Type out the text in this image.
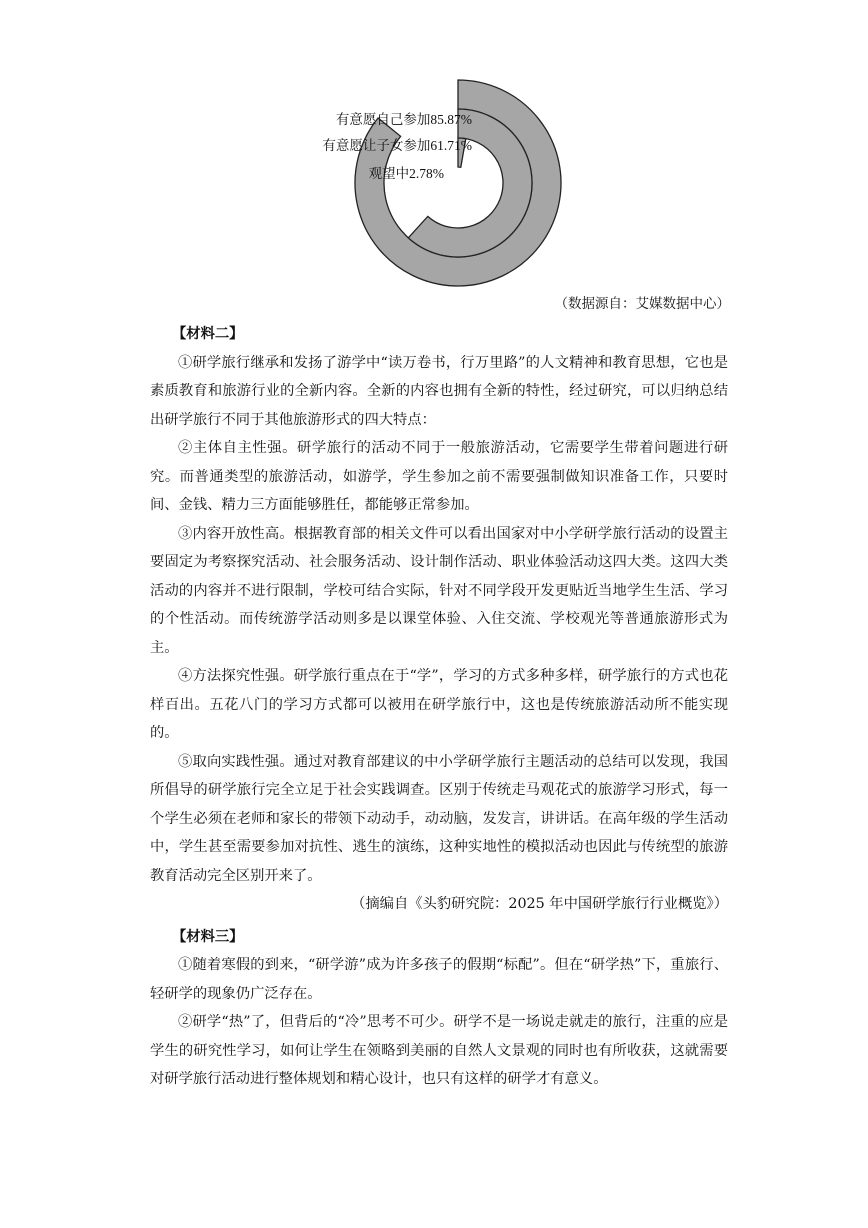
有意愿自己参加85.87%
有意愿让子女参加61.71%
观望中2.78%
（数据源自：艾媒数据中心）
【材料二】

①研学旅行继承和发扬了游学中“读万卷书，行万里路”的人文精神和教育思想，它也是素质教育和旅游行业的全新内容。全新的内容也拥有全新的特性，经过研究，可以归纳总结出研学旅行不同于其他旅游形式的四大特点：

②主体自主性强。研学旅行的活动不同于一般旅游活动，它需要学生带着问题进行研究。而普通类型的旅游活动，如游学，学生参加之前不需要强制做知识准备工作，只要时间、金钱、精力三方面能够胜任，都能够正常参加。

③内容开放性高。根据教育部的相关文件可以看出国家对中小学研学旅行活动的设置主要固定为考察探究活动、社会服务活动、设计制作活动、职业体验活动这四大类。这四大类活动的内容并不进行限制，学校可结合实际，针对不同学段开发更贴近当地学生生活、学习的个性活动。而传统游学活动则多是以课堂体验、入住交流、学校观光等普通旅游形式为主。

④方法探究性强。研学旅行重点在于“学”，学习的方式多种多样，研学旅行的方式也花样百出。五花八门的学习方式都可以被用在研学旅行中，这也是传统旅游活动所不能实现的。

⑤取向实践性强。通过对教育部建议的中小学研学旅行主题活动的总结可以发现，我国所倡导的研学旅行完全立足于社会实践调查。区别于传统走马观花式的旅游学习形式，每一个学生必须在老师和家长的带领下动动手，动动脑，发发言，讲讲话。在高年级的学生活动中，学生甚至需要参加对抗性、逃生的演练，这种实地性的模拟活动也因此与传统型的旅游教育活动完全区别开来了。

（摘编自《头豹研究院：2025 年中国研学旅行行业概览》）

【材料三】

①随着寒假的到来，“研学游”成为许多孩子的假期“标配”。但在“研学热”下，重旅行、轻研学的现象仍广泛存在。

②研学“热”了，但背后的“冷”思考不可少。研学不是一场说走就走的旅行，注重的应是学生的研究性学习，如何让学生在领略到美丽的自然人文景观的同时也有所收获，这就需要对研学旅行活动进行整体规划和精心设计，也只有这样的研学才有意义。
